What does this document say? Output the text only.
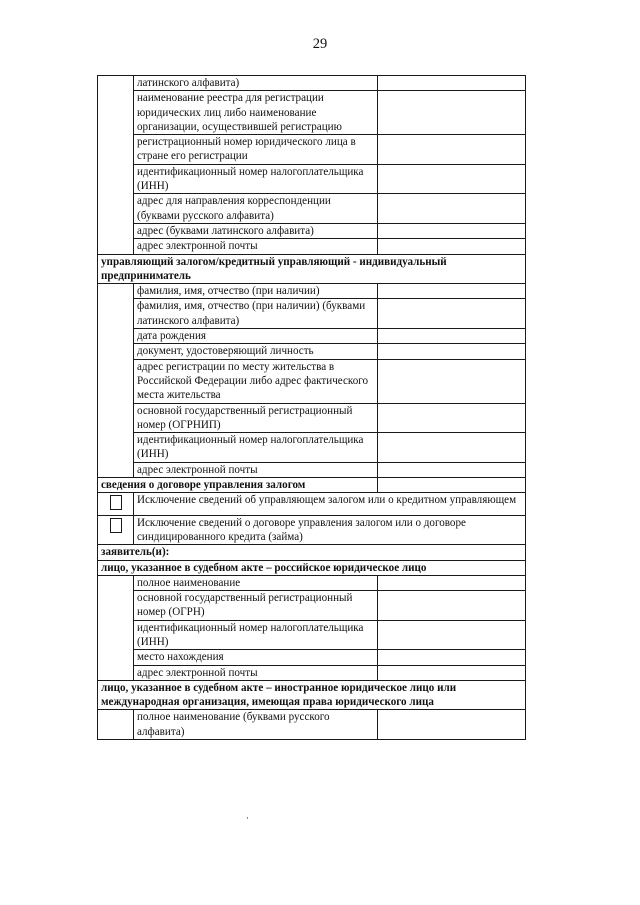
29
	латинского алфавита)	
	наименование реестра для регистрации юридических лиц либо наименование организации, осуществившей регистрацию	
	регистрационный номер юридического лица в стране его регистрации	
	идентификационный номер налогоплательщика (ИНН)	
	адрес для направления корреспонденции (буквами русского алфавита)	
	адрес (буквами латинского алфавита)	
	адрес электронной почты	
управляющий залогом/кредитный управляющий - индивидуальный предприниматель		
	фамилия, имя, отчество (при наличии)	
	фамилия, имя, отчество (при наличии) (буквами латинского алфавита)	
	дата рождения	
	документ, удостоверяющий личность	
	адрес регистрации по месту жительства в Российской Федерации либо адрес фактического места жительства	
	основной государственный регистрационный номер (ОГРНИП)	
	идентификационный номер налогоплательщика (ИНН)	
	адрес электронной почты	
сведения о договоре управления залогом		
	Исключение сведений об управляющем залогом или о кредитном управляющем	
	Исключение сведений о договоре управления залогом или о договоре синдицированного кредита (займа)	
заявитель(и):		
лицо, указанное в судебном акте – российское юридическое лицо		
	полное наименование	
	основной государственный регистрационный номер (ОГРН)	
	идентификационный номер налогоплательщика (ИНН)	
	место нахождения	
	адрес электронной почты	
лицо, указанное в судебном акте – иностранное юридическое лицо или международная организация, имеющая права юридического лица		
	полное наименование (буквами русского алфавита)	
·
